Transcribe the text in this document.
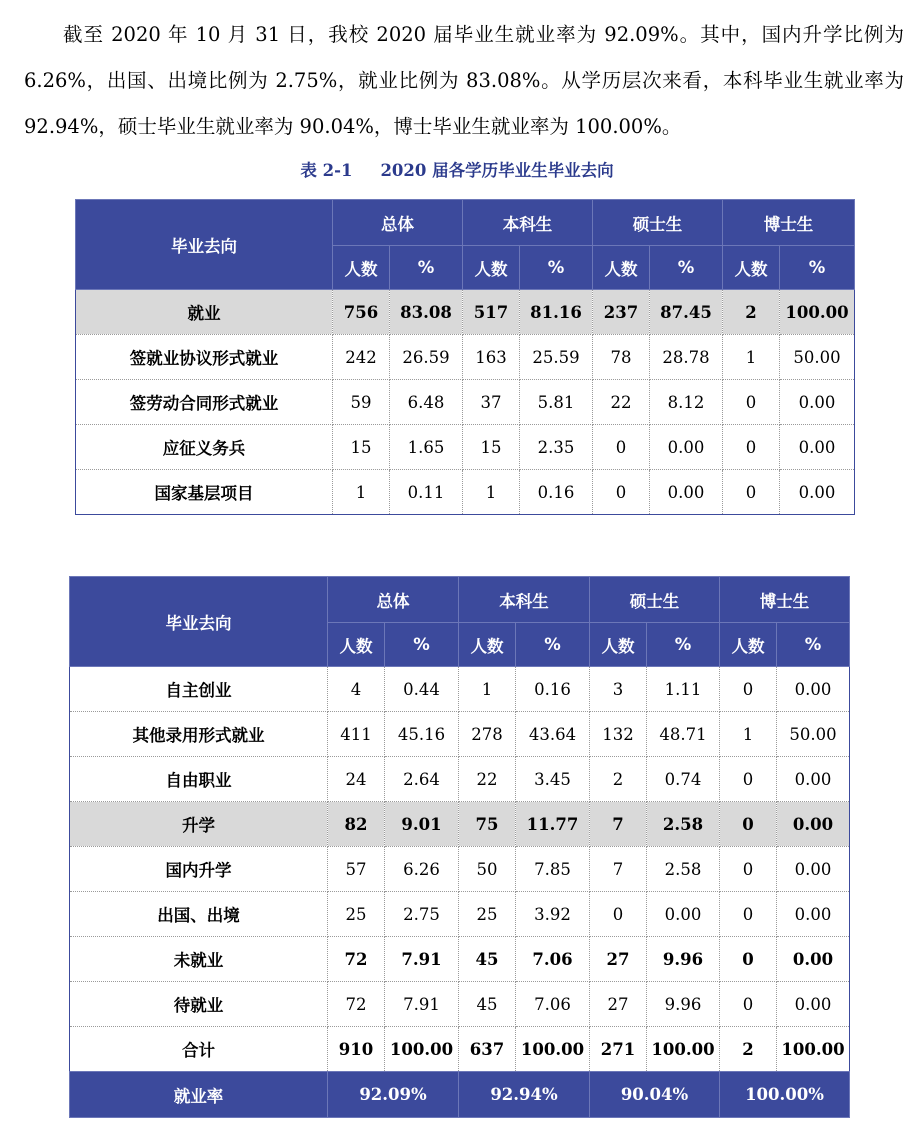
截至 2020 年 10 月 31 日，我校 2020 届毕业生就业率为 92.09%。其中，国内升学比例为 6.26%，出国、出境比例为 2.75%，就业比例为 83.08%。从学历层次来看，本科毕业生就业率为 92.94%，硕士毕业生就业率为 90.04%，博士毕业生就业率为 100.00%。

表 2-1 2020 届各学历毕业生毕业去向
毕业去向	总体		本科生		硕士生		博士生	
	人数	%	人数	%	人数	%	人数	%
就业	756	83.08	517	81.16	237	87.45	2	100.00
签就业协议形式就业	242	26.59	163	25.59	78	28.78	1	50.00
签劳动合同形式就业	59	6.48	37	5.81	22	8.12	0	0.00
应征义务兵	15	1.65	15	2.35	0	0.00	0	0.00
国家基层项目	1	0.11	1	0.16	0	0.00	0	0.00
毕业去向	总体		本科生		硕士生		博士生	
	人数	%	人数	%	人数	%	人数	%
自主创业	4	0.44	1	0.16	3	1.11	0	0.00
其他录用形式就业	411	45.16	278	43.64	132	48.71	1	50.00
自由职业	24	2.64	22	3.45	2	0.74	0	0.00
升学	82	9.01	75	11.77	7	2.58	0	0.00
国内升学	57	6.26	50	7.85	7	2.58	0	0.00
出国、出境	25	2.75	25	3.92	0	0.00	0	0.00
未就业	72	7.91	45	7.06	27	9.96	0	0.00
待就业	72	7.91	45	7.06	27	9.96	0	0.00
合计	910	100.00	637	100.00	271	100.00	2	100.00
就业率	92.09%		92.94%		90.04%		100.00%	
